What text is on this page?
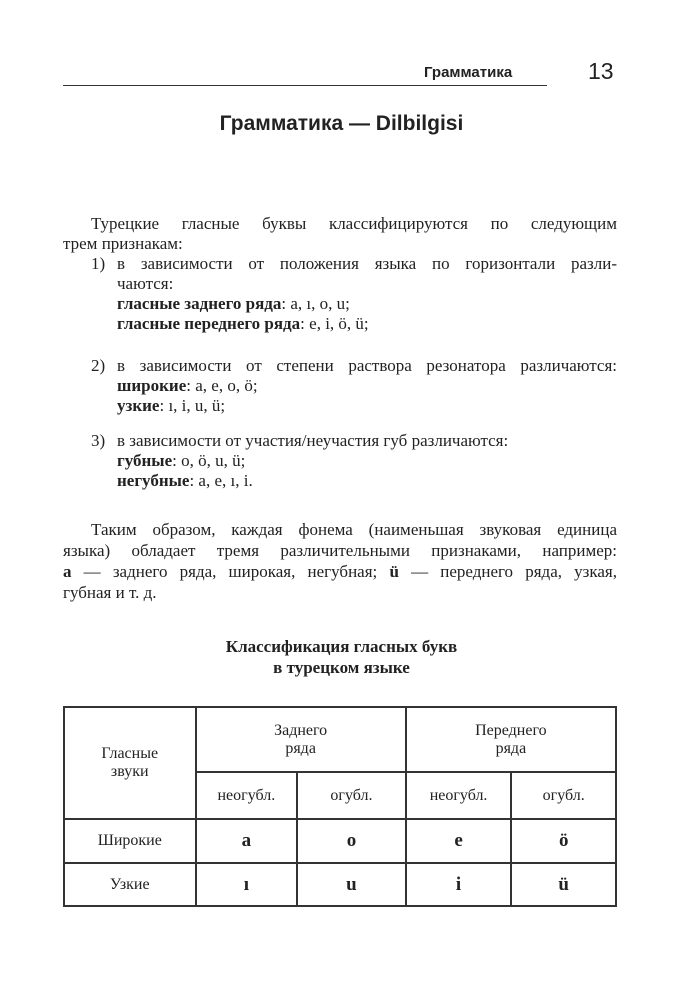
Грамматика	13
Грамматика — Dilbilgisi
Турецкие гласные буквы классифицируются по следующим
трем признакам:
1) в зависимости от положения языка по горизонтали разли-
чаются:
гласные заднего ряда: a, ı, o, u;
гласные переднего ряда: e, i, ö, ü;
2) в зависимости от степени раствора резонатора различаются:
широкие: a, e, o, ö;
узкие: ı, i, u, ü;
3) в зависимости от участия/неучастия губ различаются:
губные: o, ö, u, ü;
негубные: a, e, ı, i.
Таким образом, каждая фонема (наименьшая звуковая единица
языка) обладает тремя различительными признаками, например:
a — заднего ряда, широкая, негубная; ü — переднего ряда, узкая,
губная и т. д.
Классификация гласных букв
в турецком языке
Гласные
звуки	Заднего
ряда		Переднего
ряда	
	неогубл.	огубл.	неогубл.	огубл.
Широкие	a	o	e	ö
Узкие	ı	u	i	ü
